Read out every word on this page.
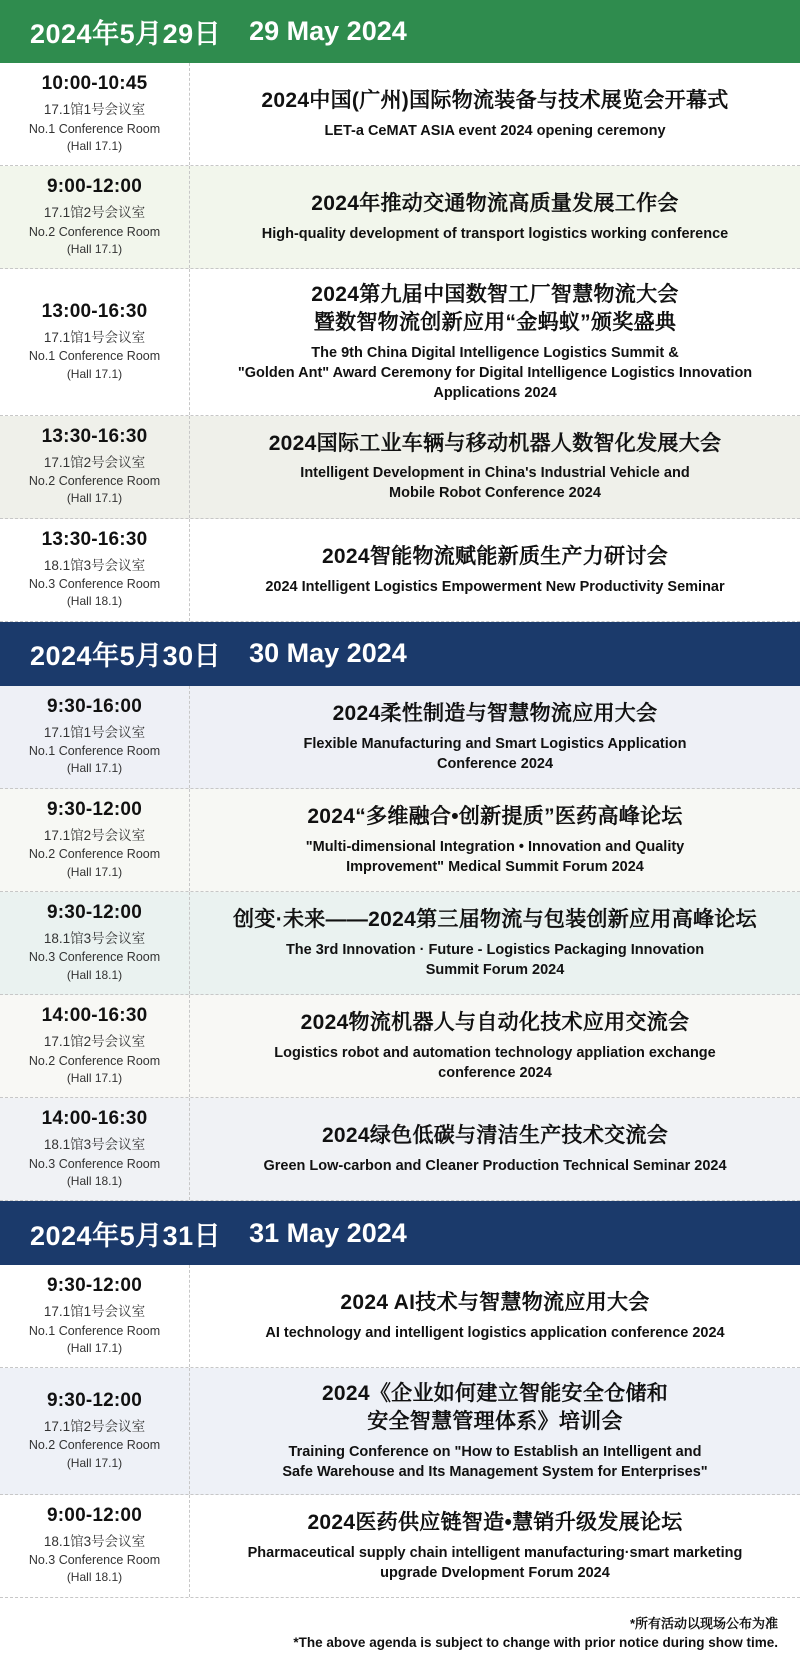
2024年5月29日 29 May 2024
10:00-10:45
17.1馆1号会议室
No.1 Conference Room
(Hall 17.1)
2024中国(广州)国际物流装备与技术展览会开幕式
LET-a CeMAT ASIA event 2024 opening ceremony
9:00-12:00
17.1馆2号会议室
No.2 Conference Room
(Hall 17.1)
2024年推动交通物流高质量发展工作会
High-quality development of transport logistics working conference
13:00-16:30
17.1馆1号会议室
No.1 Conference Room
(Hall 17.1)
2024第九届中国数智工厂智慧物流大会
暨数智物流创新应用“金蚂蚁”颁奖盛典
The 9th China Digital Intelligence Logistics Summit &
"Golden Ant" Award Ceremony for Digital Intelligence Logistics Innovation
Applications 2024
13:30-16:30
17.1馆2号会议室
No.2 Conference Room
(Hall 17.1)
2024国际工业车辆与移动机器人数智化发展大会
Intelligent Development in China's Industrial Vehicle and
Mobile Robot Conference 2024
13:30-16:30
18.1馆3号会议室
No.3 Conference Room
(Hall 18.1)
2024智能物流赋能新质生产力研讨会
2024 Intelligent Logistics Empowerment New Productivity Seminar
2024年5月30日 30 May 2024
9:30-16:00
17.1馆1号会议室
No.1 Conference Room
(Hall 17.1)
2024柔性制造与智慧物流应用大会
Flexible Manufacturing and Smart Logistics Application
Conference 2024
9:30-12:00
17.1馆2号会议室
No.2 Conference Room
(Hall 17.1)
2024“多维融合•创新提质”医药高峰论坛
"Multi-dimensional Integration • Innovation and Quality
Improvement" Medical Summit Forum 2024
9:30-12:00
18.1馆3号会议室
No.3 Conference Room
(Hall 18.1)
创变·未来——2024第三届物流与包装创新应用高峰论坛
The 3rd Innovation · Future - Logistics Packaging Innovation
Summit Forum 2024
14:00-16:30
17.1馆2号会议室
No.2 Conference Room
(Hall 17.1)
2024物流机器人与自动化技术应用交流会
Logistics robot and automation technology appliation exchange
conference 2024
14:00-16:30
18.1馆3号会议室
No.3 Conference Room
(Hall 18.1)
2024绿色低碳与清洁生产技术交流会
Green Low-carbon and Cleaner Production Technical Seminar 2024
2024年5月31日 31 May 2024
9:30-12:00
17.1馆1号会议室
No.1 Conference Room
(Hall 17.1)
2024 AI技术与智慧物流应用大会
AI technology and intelligent logistics application conference 2024
9:30-12:00
17.1馆2号会议室
No.2 Conference Room
(Hall 17.1)
2024《企业如何建立智能安全仓储和
安全智慧管理体系》培训会
Training Conference on "How to Establish an Intelligent and
Safe Warehouse and Its Management System for Enterprises"
9:00-12:00
18.1馆3号会议室
No.3 Conference Room
(Hall 18.1)
2024医药供应链智造•慧销升级发展论坛
Pharmaceutical supply chain intelligent manufacturing·smart marketing
upgrade Dvelopment Forum 2024
*所有活动以现场公布为准
*The above agenda is subject to change with prior notice during show time.
